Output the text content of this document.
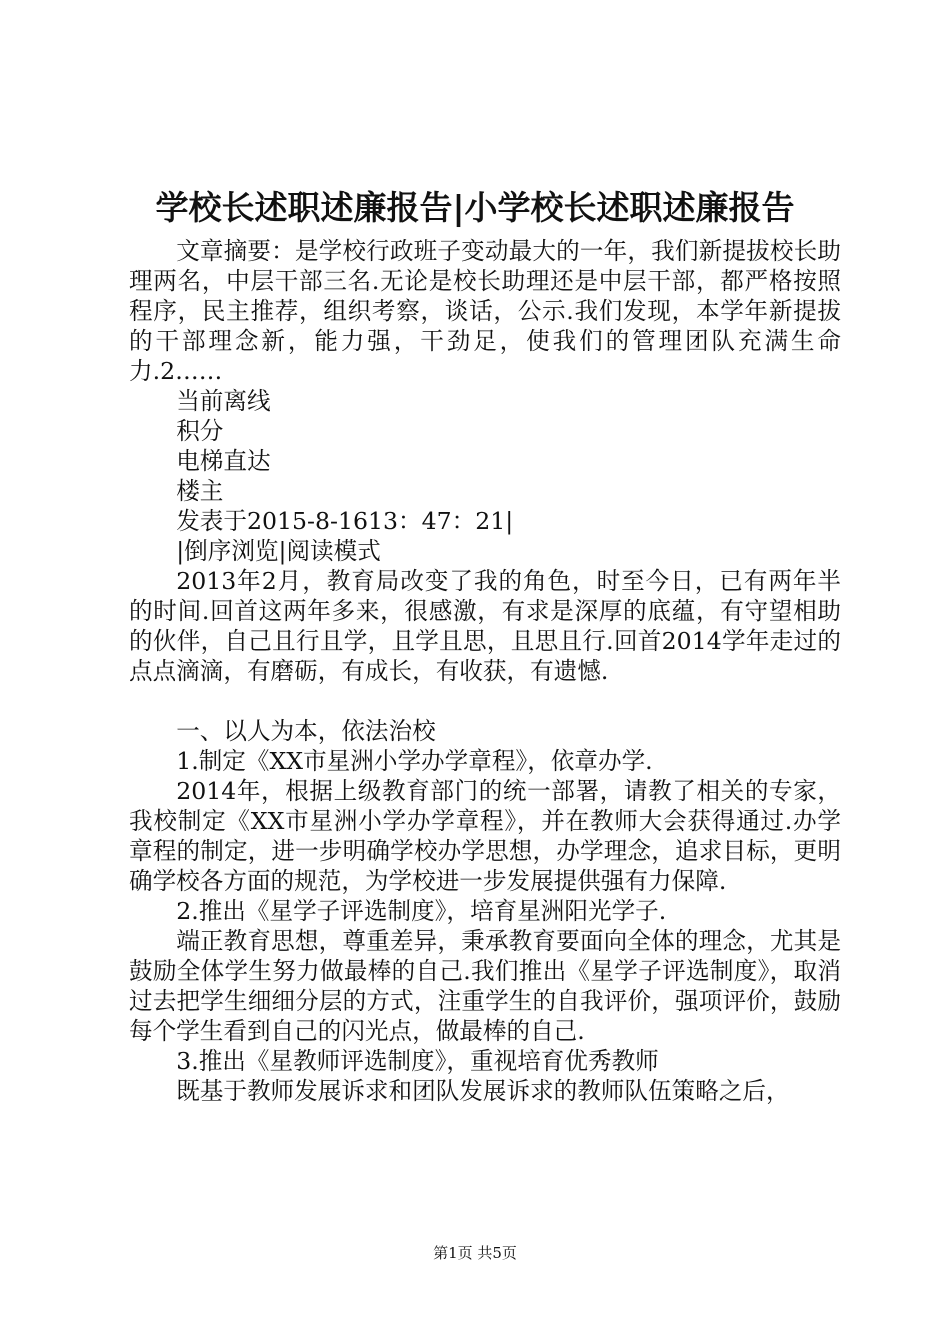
学校长述职述廉报告|小学校长述职述廉报告

文章摘要：是学校行政班子变动最大的一年，我们新提拔校长助理两名，中层干部三名.无论是校长助理还是中层干部，都严格按照程序，民主推荐，组织考察，谈话，公示.我们发现，本学年新提拔的干部理念新，能力强，干劲足，使我们的管理团队充满生命力.2……

当前离线

积分

电梯直达

楼主

发表于2015-8-1613：47：21|

|倒序浏览|阅读模式

2013年2月，教育局改变了我的角色，时至今日，已有两年半的时间.回首这两年多来，很感激，有求是深厚的底蕴，有守望相助的伙伴，自己且行且学，且学且思，且思且行.回首2014学年走过的点点滴滴，有磨砺，有成长，有收获，有遗憾.

一、以人为本，依法治校

1.制定《XX市星洲小学办学章程》，依章办学.

2014年，根据上级教育部门的统一部署，请教了相关的专家，我校制定《XX市星洲小学办学章程》，并在教师大会获得通过.办学章程的制定，进一步明确学校办学思想，办学理念，追求目标，更明确学校各方面的规范，为学校进一步发展提供强有力保障.

2.推出《星学子评选制度》，培育星洲阳光学子.

端正教育思想，尊重差异，秉承教育要面向全体的理念，尤其是鼓励全体学生努力做最棒的自己.我们推出《星学子评选制度》，取消过去把学生细细分层的方式，注重学生的自我评价，强项评价，鼓励每个学生看到自己的闪光点，做最棒的自己.

3.推出《星教师评选制度》，重视培育优秀教师

既基于教师发展诉求和团队发展诉求的教师队伍策略之后，

第1页 共5页
